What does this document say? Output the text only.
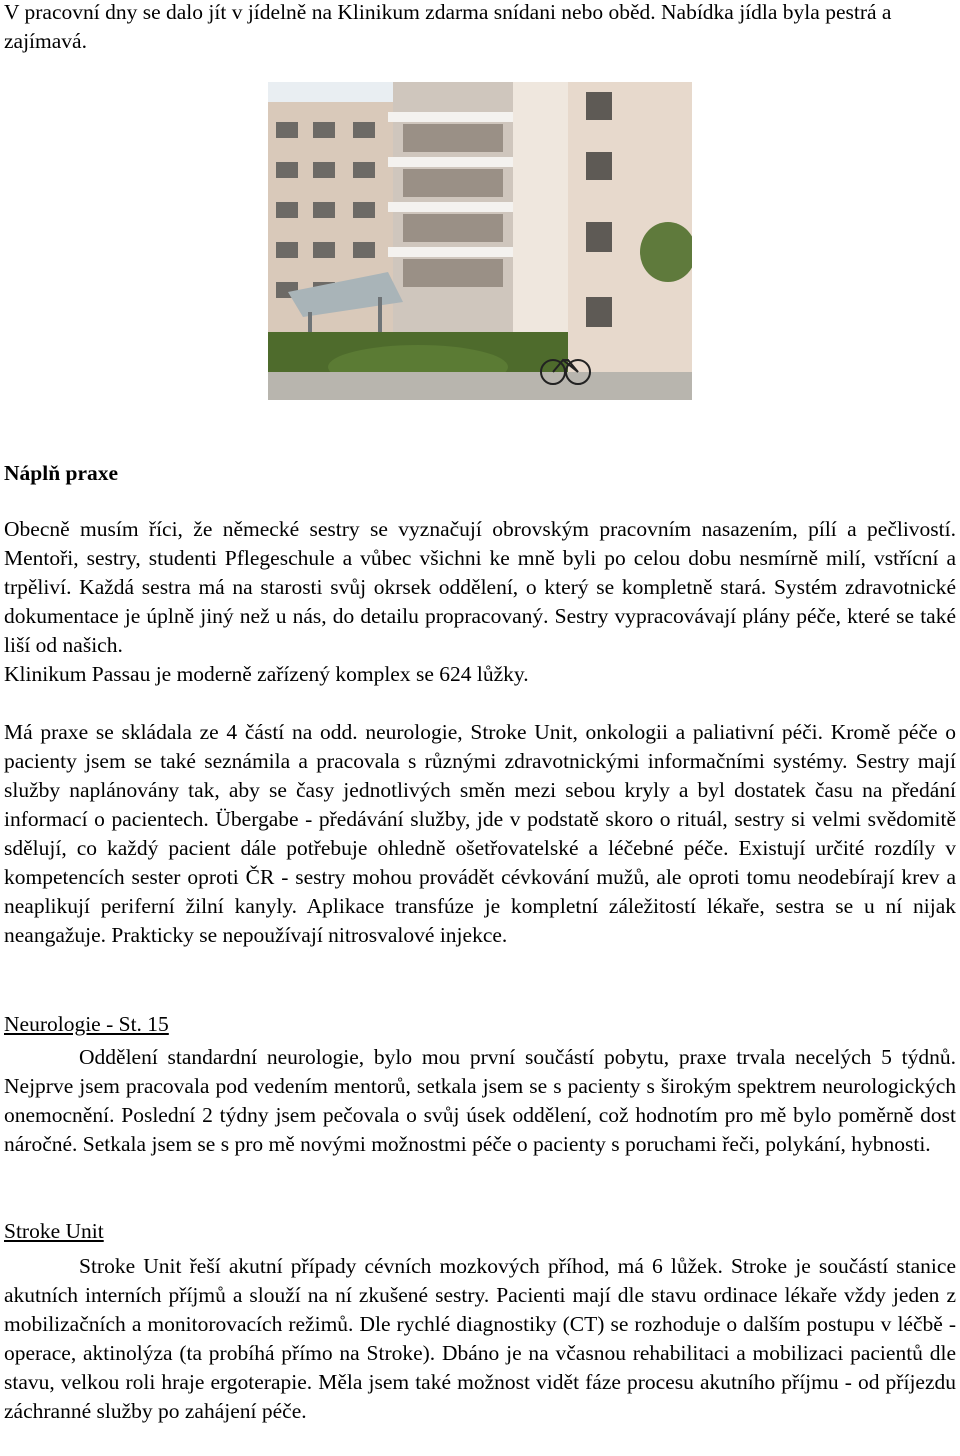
V pracovní dny se dalo jít v jídelně na Klinikum zdarma snídani nebo oběd. Nabídka jídla byla pestrá a zajímavá.

Náplň praxe

Obecně musím říci, že německé sestry se vyznačují obrovským pracovním nasazením, pílí a pečlivostí. Mentoři, sestry, studenti Pflegeschule a vůbec všichni ke mně byli po celou dobu nesmírně milí, vstřícní a trpěliví. Každá sestra má na starosti svůj okrsek oddělení, o který se kompletně stará. Systém zdravotnické dokumentace je úplně jiný než u nás, do detailu propracovaný. Sestry vypracovávají plány péče, které se také liší od našich.

Klinikum Passau je moderně zařízený komplex se 624 lůžky.

Má praxe se skládala ze 4 částí na odd. neurologie, Stroke Unit, onkologii a paliativní péči. Kromě péče o pacienty jsem se také seznámila a pracovala s různými zdravotnickými informačními systémy. Sestry mají služby naplánovány tak, aby se časy jednotlivých směn mezi sebou kryly a byl dostatek času na předání informací o pacientech. Übergabe - předávání služby, jde v podstatě skoro o rituál, sestry si velmi svědomitě sdělují, co každý pacient dále potřebuje ohledně ošetřovatelské a léčebné péče. Existují určité rozdíly v kompetencích sester oproti ČR - sestry mohou provádět cévkování mužů, ale oproti tomu neodebírají krev a neaplikují periferní žilní kanyly. Aplikace transfúze je kompletní záležitostí lékaře, sestra se u ní nijak neangažuje. Prakticky se nepoužívají nitrosvalové injekce.

Neurologie - St. 15

Oddělení standardní neurologie, bylo mou první součástí pobytu, praxe trvala necelých 5 týdnů. Nejprve jsem pracovala pod vedením mentorů, setkala jsem se s pacienty s širokým spektrem neurologických onemocnění. Poslední 2 týdny jsem pečovala o svůj úsek oddělení, což hodnotím pro mě bylo poměrně dost náročné. Setkala jsem se s pro mě novými možnostmi péče o pacienty s poruchami řeči, polykání, hybnosti.

Stroke Unit

Stroke Unit řeší akutní případy cévních mozkových příhod, má 6 lůžek. Stroke je součástí stanice akutních interních příjmů a slouží na ní zkušené sestry. Pacienti mají dle stavu ordinace lékaře vždy jeden z mobilizačních a monitorovacích režimů. Dle rychlé diagnostiky (CT) se rozhoduje o dalším postupu v léčbě - operace, aktinolýza (ta probíhá přímo na Stroke). Dbáno je na včasnou rehabilitaci a mobilizaci pacientů dle stavu, velkou roli hraje ergoterapie. Měla jsem také možnost vidět fáze procesu akutního příjmu - od příjezdu záchranné služby po zahájení péče.
